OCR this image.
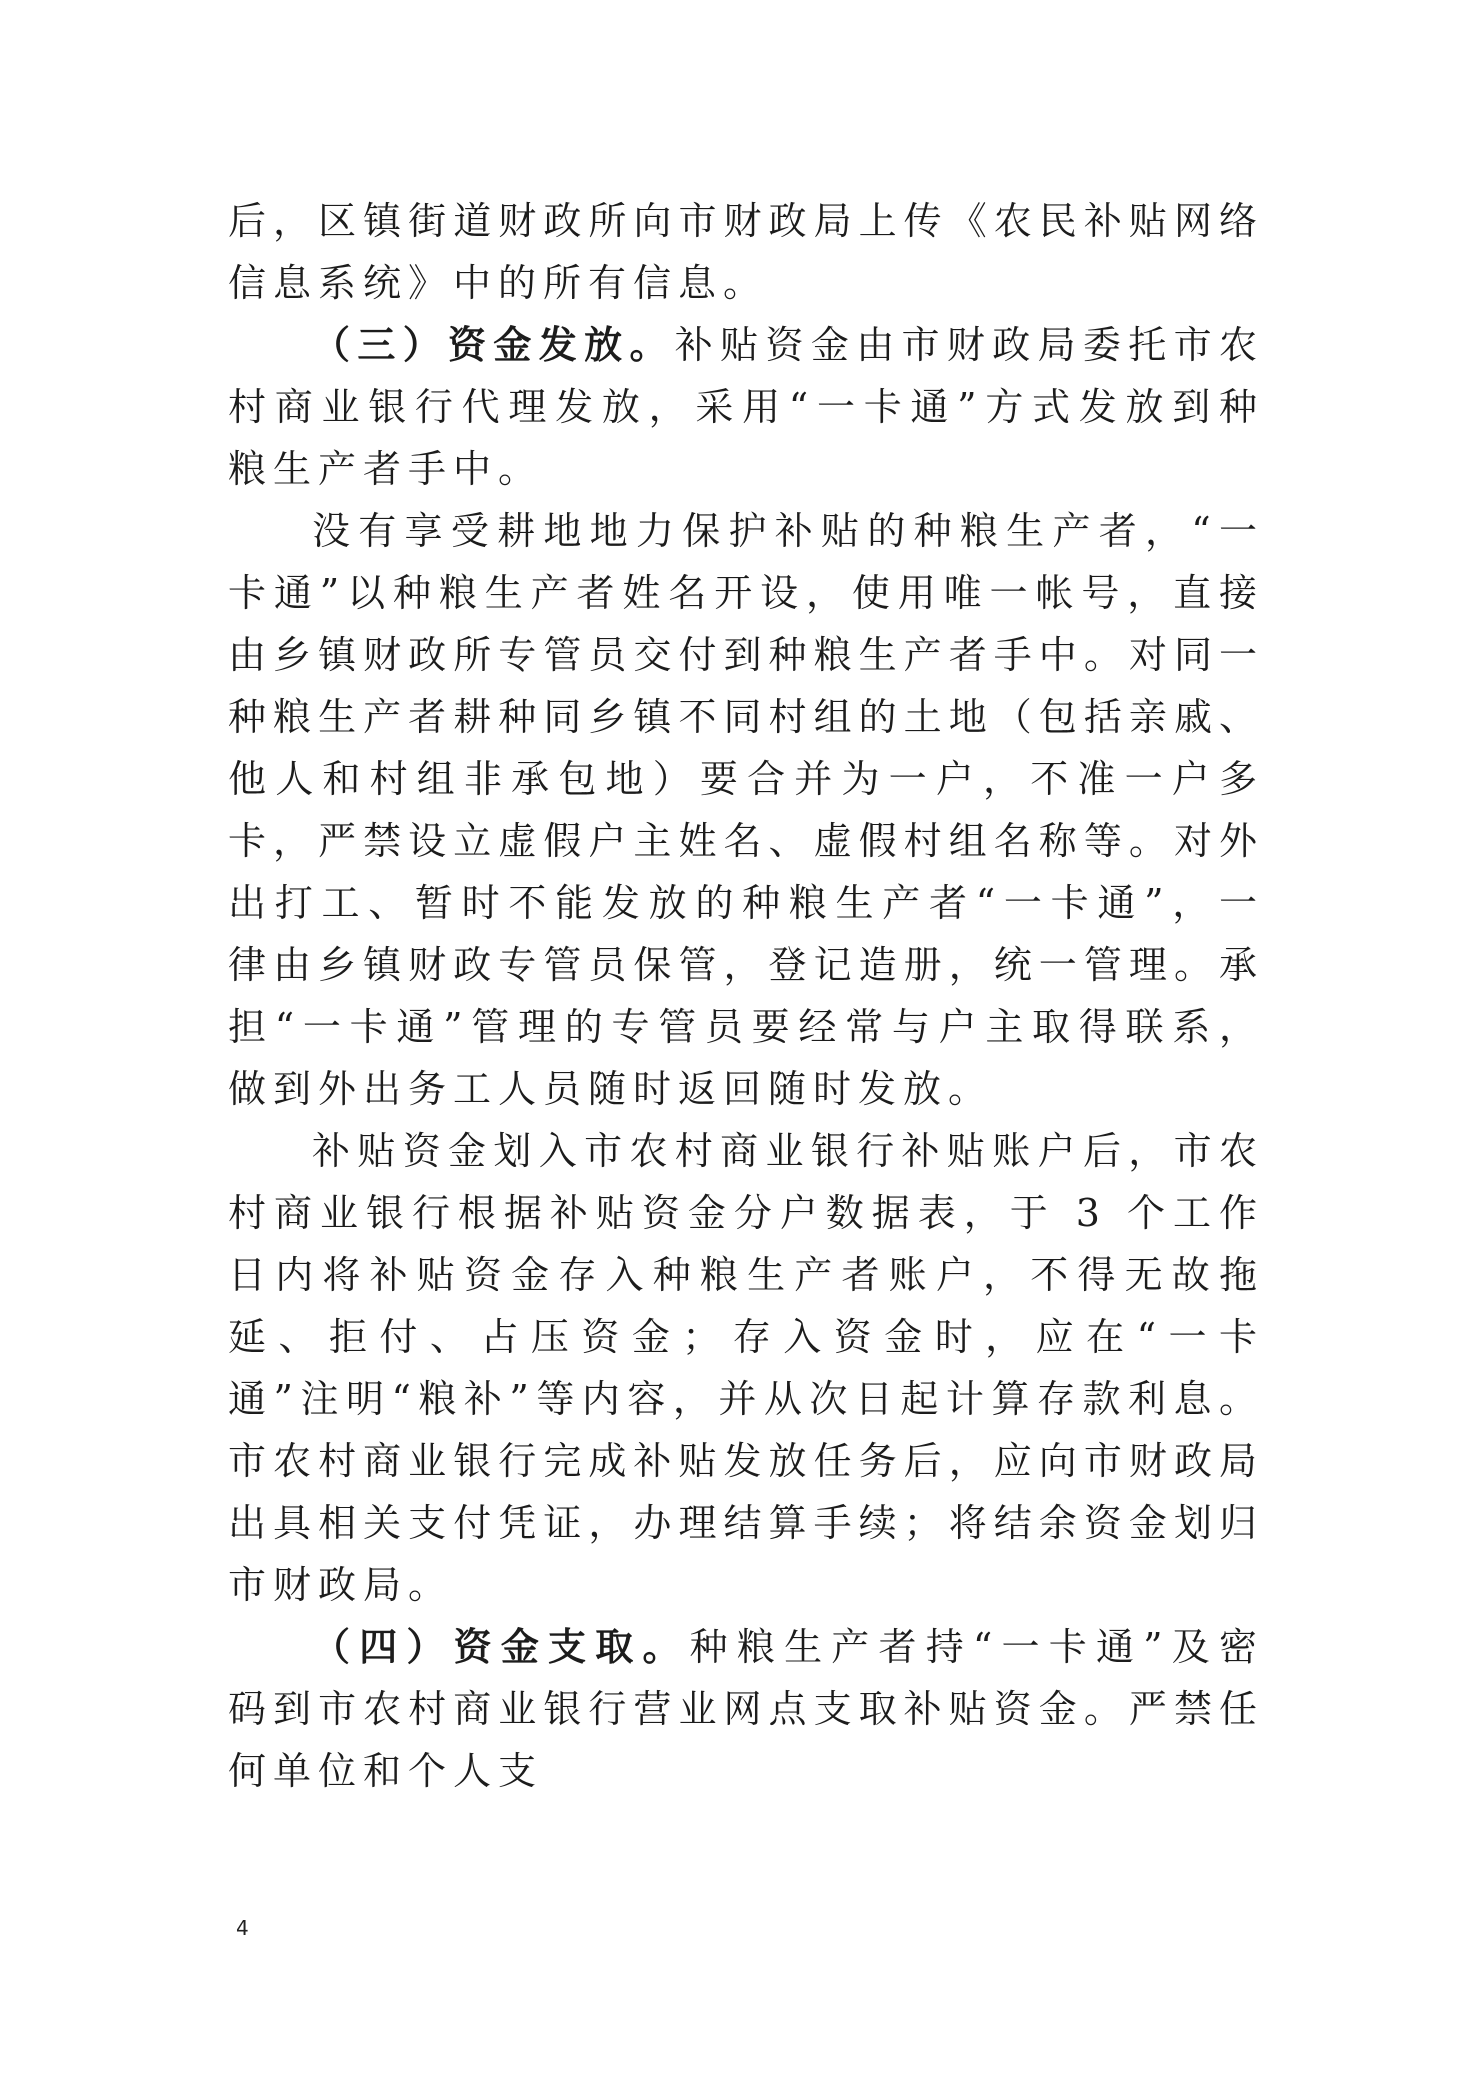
后，区镇街道财政所向市财政局上传《农民补贴网络信息系统》中的所有信息。

（三）资金发放。补贴资金由市财政局委托市农村商业银行代理发放，采用“一卡通”方式发放到种粮生产者手中。

没有享受耕地地力保护补贴的种粮生产者，“一卡通”以种粮生产者姓名开设，使用唯一帐号，直接由乡镇财政所专管员交付到种粮生产者手中。对同一种粮生产者耕种同乡镇不同村组的土地（包括亲戚、他人和村组非承包地）要合并为一户，不准一户多卡，严禁设立虚假户主姓名、虚假村组名称等。对外出打工、暂时不能发放的种粮生产者“一卡通”，一律由乡镇财政专管员保管，登记造册，统一管理。承担“一卡通”管理的专管员要经常与户主取得联系，做到外出务工人员随时返回随时发放。

补贴资金划入市农村商业银行补贴账户后，市农村商业银行根据补贴资金分户数据表，于 3 个工作日内将补贴资金存入种粮生产者账户，不得无故拖延、拒付、占压资金；存入资金时，应在“一卡通”注明“粮补”等内容，并从次日起计算存款利息。市农村商业银行完成补贴发放任务后，应向市财政局出具相关支付凭证，办理结算手续；将结余资金划归市财政局。

（四）资金支取。种粮生产者持“一卡通”及密码到市农村商业银行营业网点支取补贴资金。严禁任何单位和个人支

4
